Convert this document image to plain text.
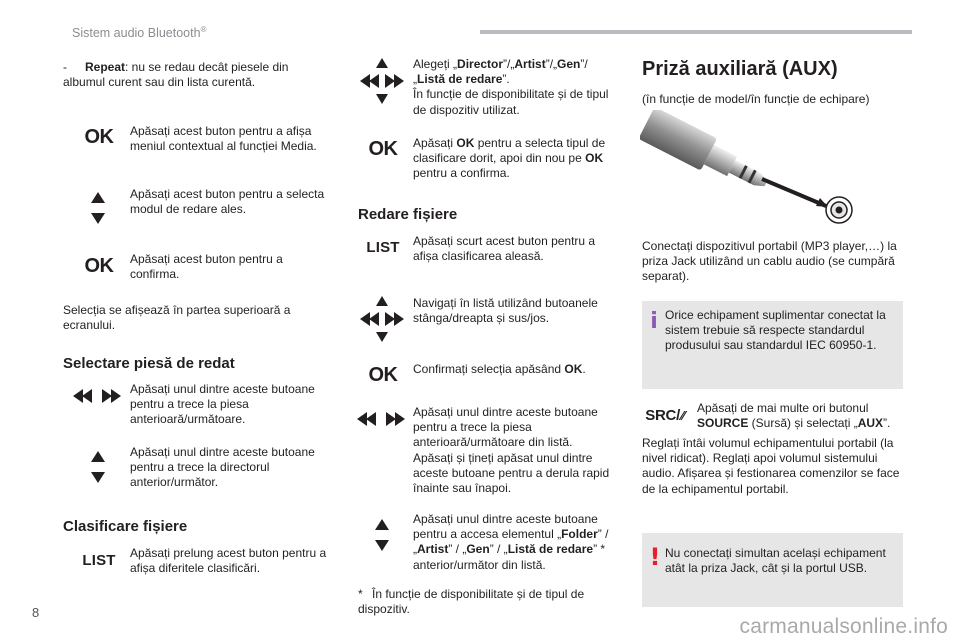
Sistem audio Bluetooth®
- Repeat: nu se redau decât piesele din albumul curent sau din lista curentă.
OK	Apăsați acest buton pentru a afișa meniul contextual al funcției Media.
Apăsați acest buton pentru a selecta modul de redare ales.
OK	Apăsați acest buton pentru a confirma.
Selecția se afișează în partea superioară a ecranului.
Selectare piesă de redat
Apăsați unul dintre aceste butoane pentru a trece la piesa anterioară/următoare.
Apăsați unul dintre aceste butoane pentru a trece la directorul anterior/următor.
Clasificare fișiere
LIST	Apăsați prelung acest buton pentru a afișa diferitele clasificări.
Alegeți „Director”/„Artist”/„Gen”/ „Listă de redare”.
În funcție de disponibilitate și de tipul de dispozitiv utilizat.
OK	Apăsați OK pentru a selecta tipul de clasificare dorit, apoi din nou pe OK pentru a confirma.
Redare fișiere
LIST	Apăsați scurt acest buton pentru a afișa clasificarea aleasă.
Navigați în listă utilizând butoanele stânga/dreapta și sus/jos.
OK	Confirmați selecția apăsând OK.
Apăsați unul dintre aceste butoane pentru a trece la piesa anterioară/următoare din listă.
Apăsați și țineți apăsat unul dintre aceste butoane pentru a derula rapid înainte sau înapoi.
Apăsați unul dintre aceste butoane pentru a accesa elementul „Folder” / „Artist” / „Gen” / „Listă de redare” * anterior/următor din listă.
* În funcție de disponibilitate și de tipul de dispozitiv.
Priză auxiliară (AUX)
(în funcție de model/în funcție de echipare)
Conectați dispozitivul portabil (MP3 player,…) la priza Jack utilizând un cablu audio (se cumpără separat).
i Orice echipament suplimentar conectat la sistem trebuie să respecte standardul produsului sau standardul IEC 60950-1.
SRC/ ⁄⁄ Apăsați de mai multe ori butonul SOURCE (Sursă) și selectați „AUX”.
Reglați întâi volumul echipamentului portabil (la nivel ridicat). Reglați apoi volumul sistemului audio. Afișarea și festionarea comenzilor se face de la echipamentul portabil.
! Nu conectați simultan același echipament atât la priza Jack, cât și la portul USB.
8
carmanualsonline.info
